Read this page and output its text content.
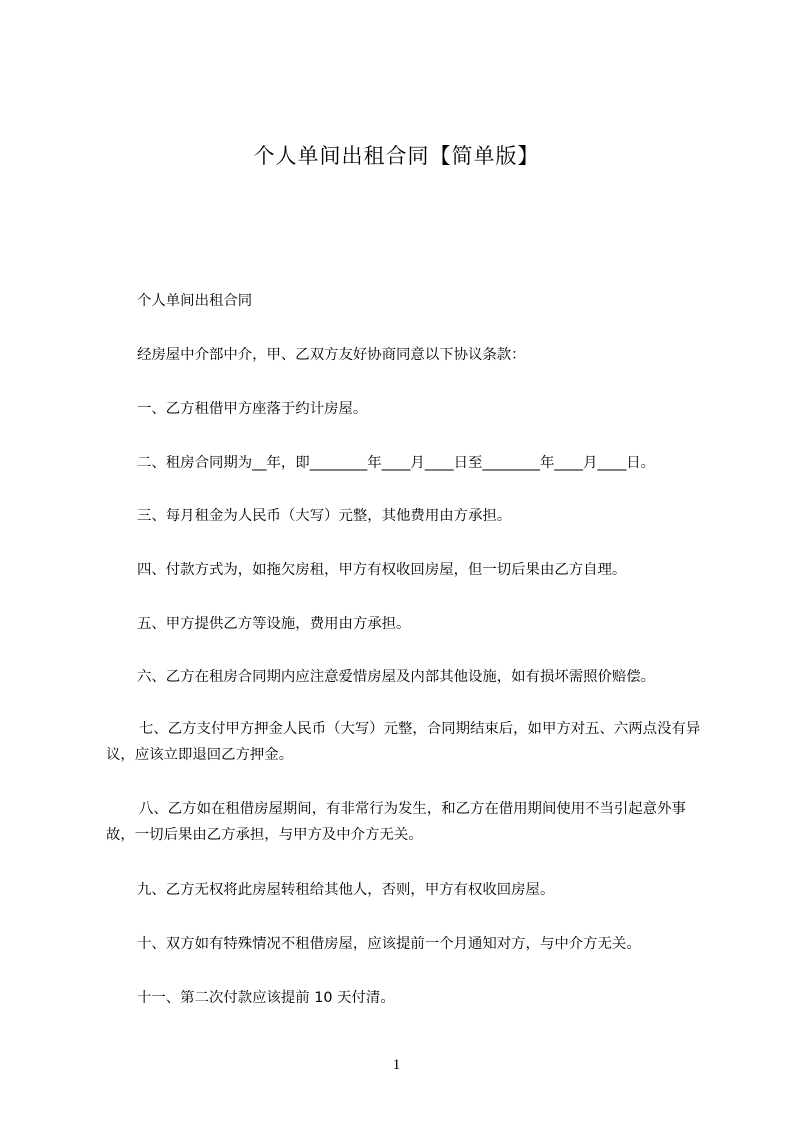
个人单间出租合同【简单版】
个人单间出租合同
经房屋中介部中介，甲、乙双方友好协商同意以下协议条款：
一、乙方租借甲方座落于约计房屋。
二、租房合同期为__年，即________年____月____日至________年____月____日。
三、每月租金为人民币（大写）元整，其他费用由方承担。
四、付款方式为，如拖欠房租，甲方有权收回房屋，但一切后果由乙方自理。
五、甲方提供乙方等设施，费用由方承担。
六、乙方在租房合同期内应注意爱惜房屋及内部其他设施，如有损坏需照价赔偿。
七、乙方支付甲方押金人民币（大写）元整，合同期结束后，如甲方对五、六两点没有异议，应该立即退回乙方押金。
八、乙方如在租借房屋期间，有非常行为发生，和乙方在借用期间使用不当引起意外事故，一切后果由乙方承担，与甲方及中介方无关。
九、乙方无权将此房屋转租给其他人，否则，甲方有权收回房屋。
十、双方如有特殊情况不租借房屋，应该提前一个月通知对方，与中介方无关。
十一、第二次付款应该提前 10 天付清。
1
